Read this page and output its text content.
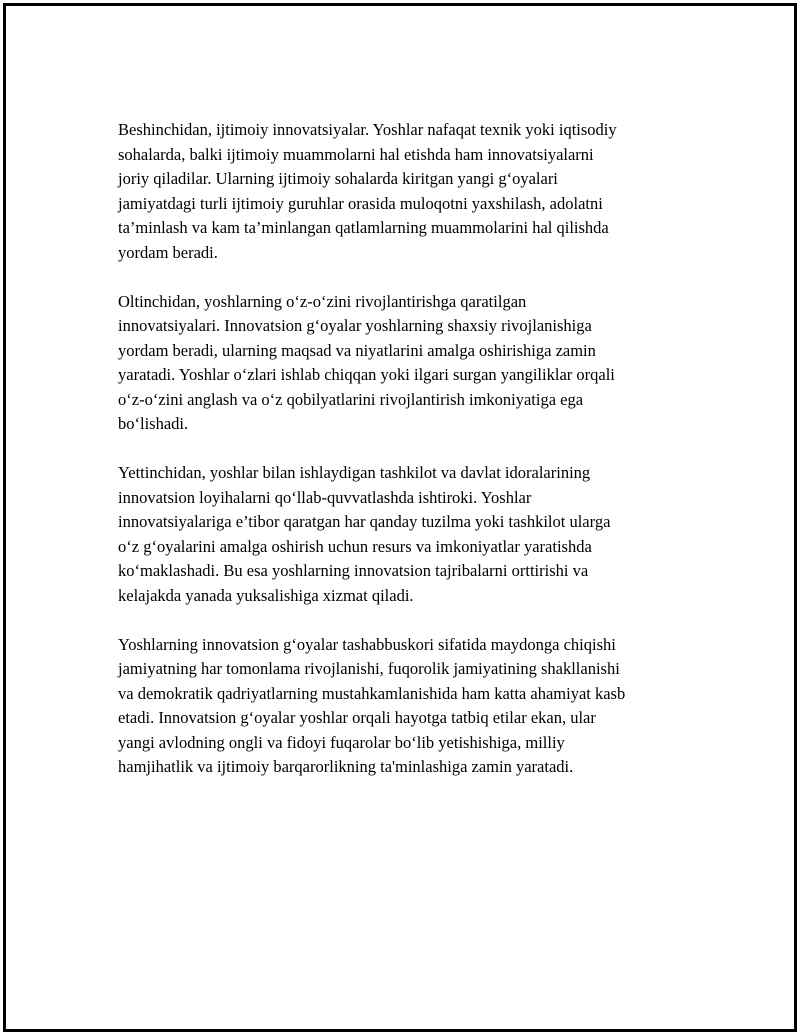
Beshinchidan, ijtimoiy innovatsiyalar. Yoshlar nafaqat texnik yoki iqtisodiy
sohalarda, balki ijtimoiy muammolarni hal etishda ham innovatsiyalarni
joriy qiladilar. Ularning ijtimoiy sohalarda kiritgan yangi g‘oyalari
jamiyatdagi turli ijtimoiy guruhlar orasida muloqotni yaxshilash, adolatni
ta’minlash va kam ta’minlangan qatlamlarning muammolarini hal qilishda
yordam beradi.

Oltinchidan, yoshlarning o‘z-o‘zini rivojlantirishga qaratilgan
innovatsiyalari. Innovatsion g‘oyalar yoshlarning shaxsiy rivojlanishiga
yordam beradi, ularning maqsad va niyatlarini amalga oshirishiga zamin
yaratadi. Yoshlar o‘zlari ishlab chiqqan yoki ilgari surgan yangiliklar orqali
o‘z-o‘zini anglash va o‘z qobilyatlarini rivojlantirish imkoniyatiga ega
bo‘lishadi.

Yettinchidan, yoshlar bilan ishlaydigan tashkilot va davlat idoralarining
innovatsion loyihalarni qo‘llab-quvvatlashda ishtiroki. Yoshlar
innovatsiyalariga e’tibor qaratgan har qanday tuzilma yoki tashkilot ularga
o‘z g‘oyalarini amalga oshirish uchun resurs va imkoniyatlar yaratishda
ko‘maklashadi. Bu esa yoshlarning innovatsion tajribalarni orttirishi va
kelajakda yanada yuksalishiga xizmat qiladi.

Yoshlarning innovatsion g‘oyalar tashabbuskori sifatida maydonga chiqishi
jamiyatning har tomonlama rivojlanishi, fuqorolik jamiyatining shakllanishi
va demokratik qadriyatlarning mustahkamlanishida ham katta ahamiyat kasb
etadi. Innovatsion g‘oyalar yoshlar orqali hayotga tatbiq etilar ekan, ular
yangi avlodning ongli va fidoyi fuqarolar bo‘lib yetishishiga, milliy
hamjihatlik va ijtimoiy barqarorlikning ta'minlashiga zamin yaratadi.
